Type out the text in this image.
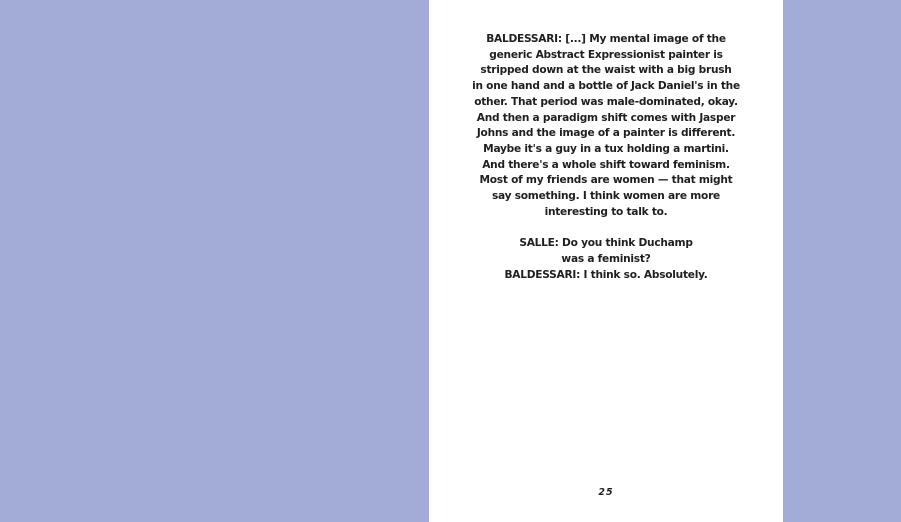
BALDESSARI: [...] My mental image of the
generic Abstract Expressionist painter is
stripped down at the waist with a big brush
in one hand and a bottle of Jack Daniel's in the
other. That period was male-dominated, okay.
And then a paradigm shift comes with Jasper
Johns and the image of a painter is different.
Maybe it's a guy in a tux holding a martini.
And there's a whole shift toward feminism.
Most of my friends are women — that might
say something. I think women are more
interesting to talk to.
SALLE: Do you think Duchamp
was a feminist?
BALDESSARI: I think so. Absolutely.
25
